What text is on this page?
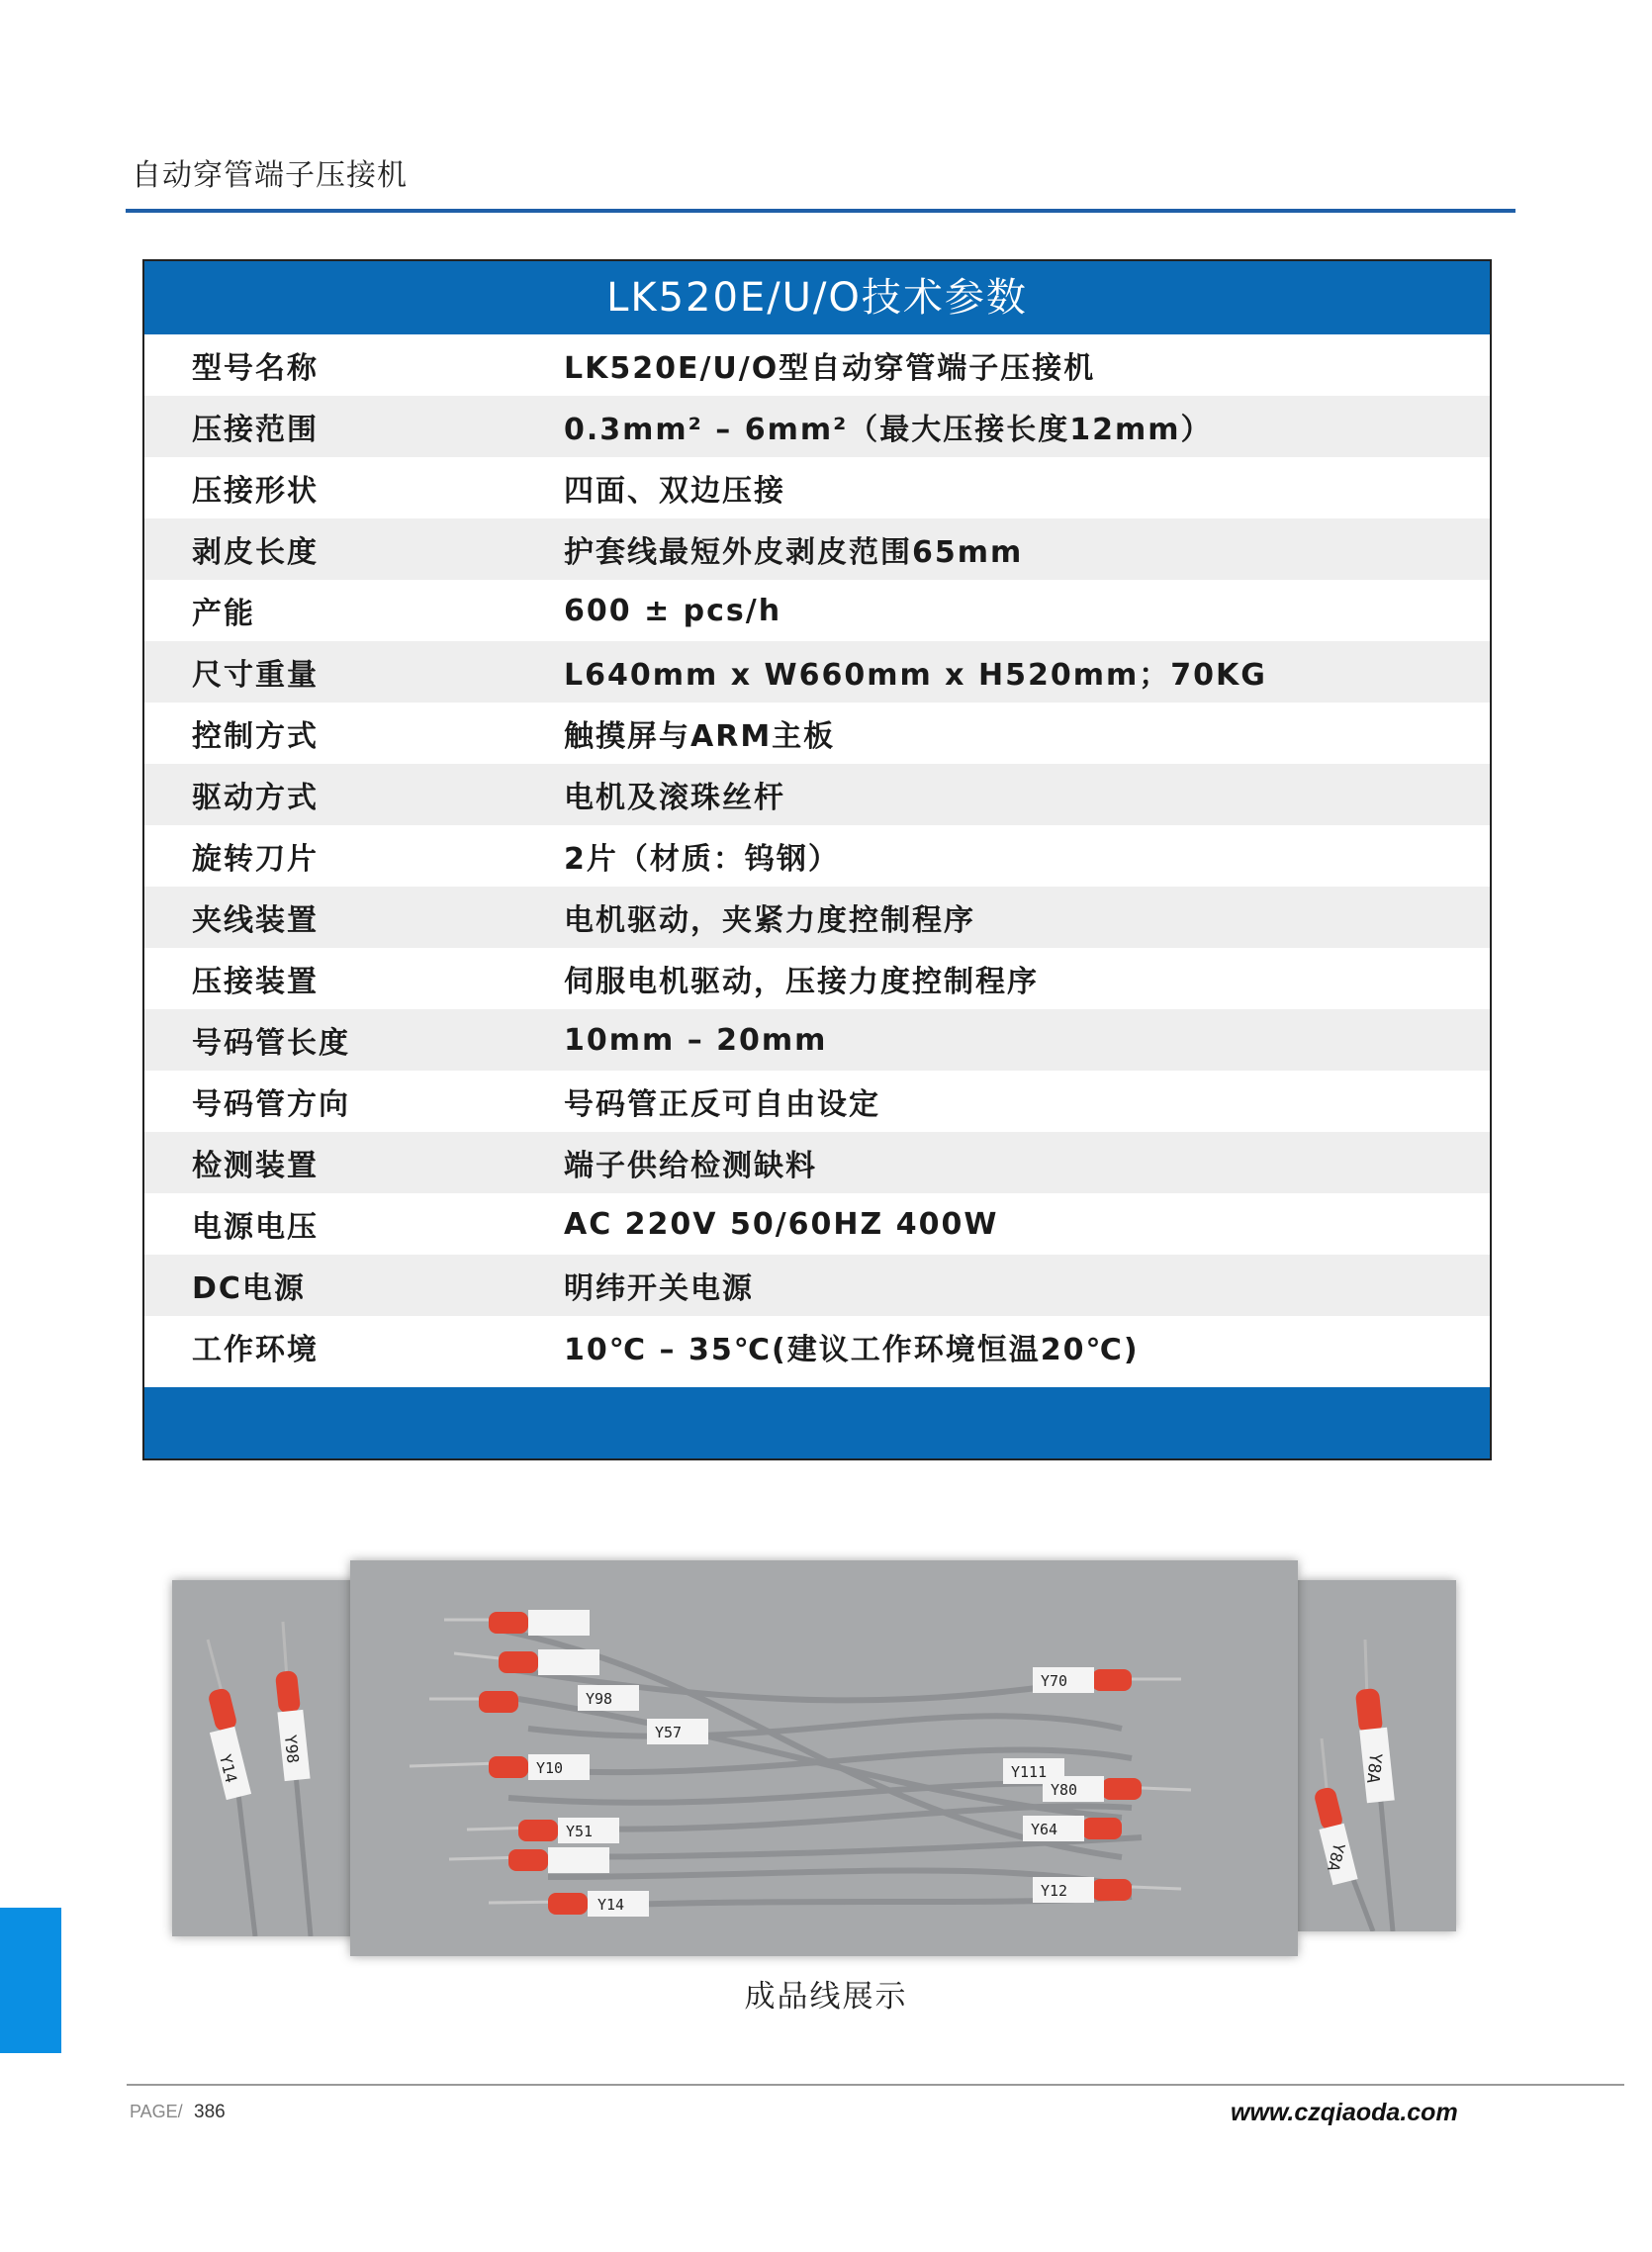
自动穿管端子压接机
LK520E/U/O技术参数
型号名称	LK520E/U/O型自动穿管端子压接机
压接范围	0.3mm² – 6mm²（最大压接长度12mm）
压接形状	四面、双边压接
剥皮长度	护套线最短外皮剥皮范围65mm
产能	600 ± pcs/h
尺寸重量	L640mm x W660mm x H520mm；70KG
控制方式	触摸屏与ARM主板
驱动方式	电机及滚珠丝杆
旋转刀片	2片（材质：钨钢）
夹线装置	电机驱动，夹紧力度控制程序
压接装置	伺服电机驱动，压接力度控制程序
号码管长度	10mm – 20mm
号码管方向	号码管正反可自由设定
检测装置	端子供给检测缺料
电源电压	AC 220V 50/60HZ 400W
DC电源	明纬开关电源
工作环境	10℃ – 35℃(建议工作环境恒温20℃)
Y14
Y98
Y8A
Y8A
Y14
Y98
Y57
Y70
Y111
Y80
Y64
Y12
Y51
Y10
成品线展示
PAGE/ 386	www.czqiaoda.com
